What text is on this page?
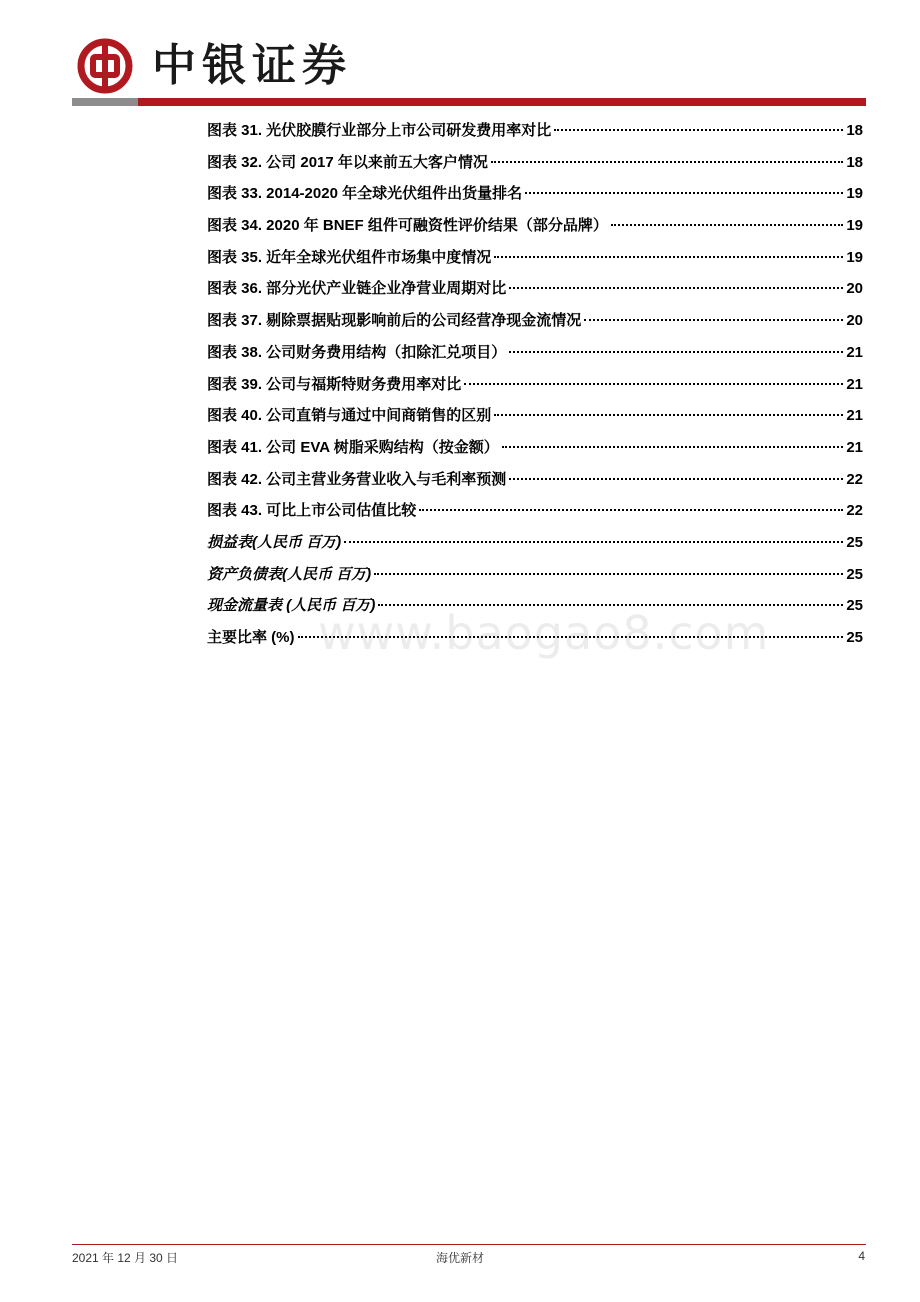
中银证券
图表 31. 光伏胶膜行业部分上市公司研发费用率对比	18
图表 32. 公司 2017 年以来前五大客户情况	18
图表 33. 2014-2020 年全球光伏组件出货量排名	19
图表 34. 2020 年 BNEF 组件可融资性评价结果（部分品牌）	19
图表 35. 近年全球光伏组件市场集中度情况	19
图表 36. 部分光伏产业链企业净营业周期对比	20
图表 37. 剔除票据贴现影响前后的公司经营净现金流情况	20
图表 38. 公司财务费用结构（扣除汇兑项目）	21
图表 39. 公司与福斯特财务费用率对比	21
图表 40. 公司直销与通过中间商销售的区别	21
图表 41. 公司 EVA 树脂采购结构（按金额）	21
图表 42. 公司主营业务营业收入与毛利率预测	22
图表 43. 可比上市公司估值比较	22
损益表(人民币 百万)	25
资产负债表(人民币 百万)	25
现金流量表 (人民币 百万)	25
主要比率 (%)	25
www.baogao8.com
2021 年 12 月 30 日	海优新材	4
